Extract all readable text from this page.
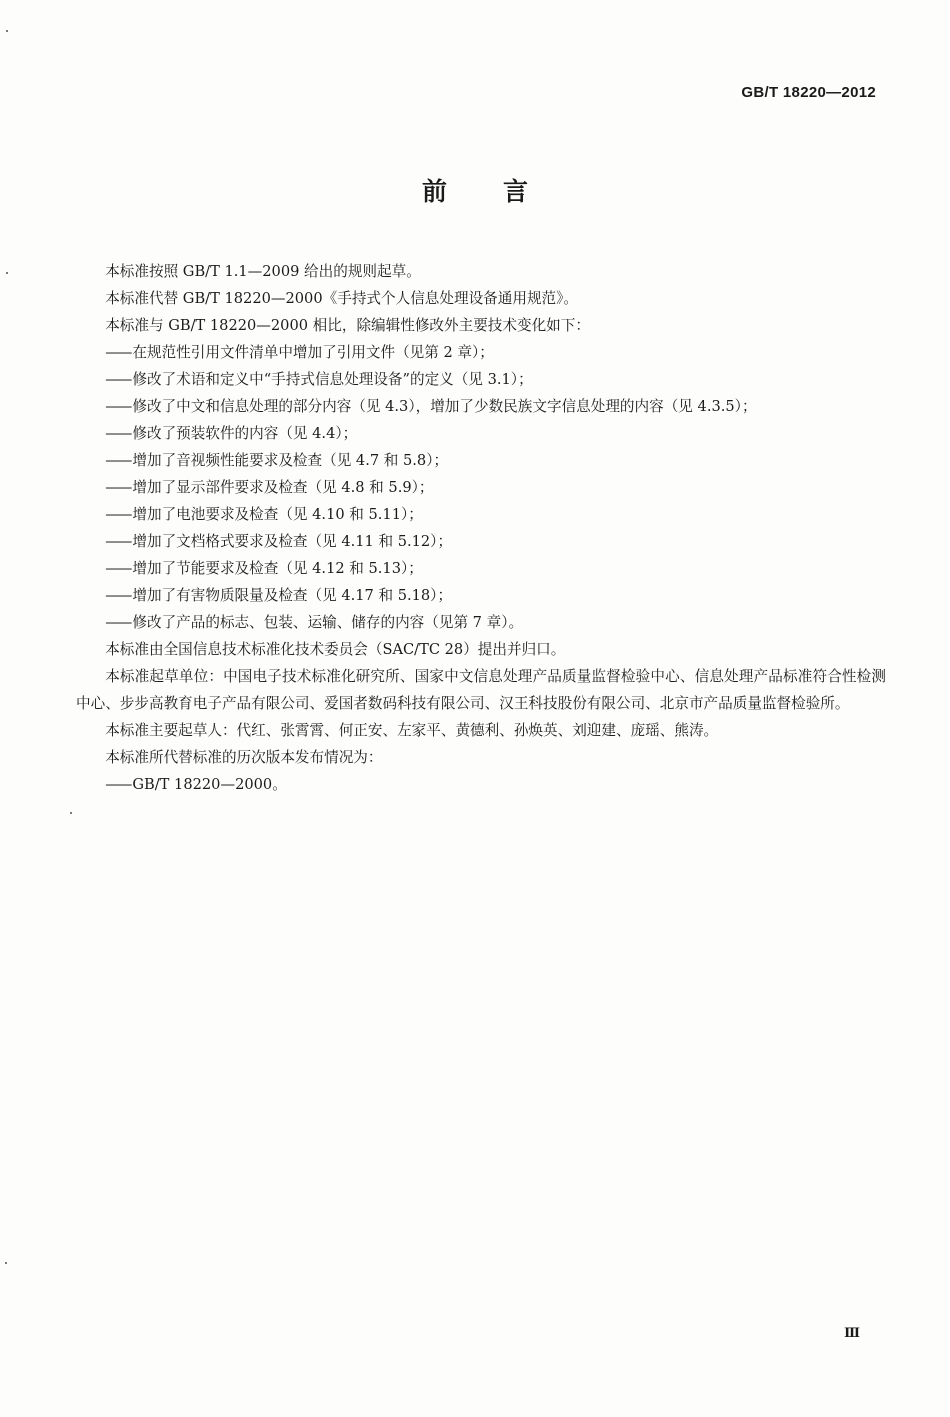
GB/T 18220—2012
前言

本标准按照 GB/T 1.1—2009 给出的规则起草。

本标准代替 GB/T 18220—2000《手持式个人信息处理设备通用规范》。

本标准与 GB/T 18220—2000 相比，除编辑性修改外主要技术变化如下：

—— 在规范性引用文件清单中增加了引用文件（见第 2 章）；

—— 修改了术语和定义中“手持式信息处理设备”的定义（见 3.1）；

—— 修改了中文和信息处理的部分内容（见 4.3），增加了少数民族文字信息处理的内容（见 4.3.5）；

—— 修改了预装软件的内容（见 4.4）；

—— 增加了音视频性能要求及检查（见 4.7 和 5.8）；

—— 增加了显示部件要求及检查（见 4.8 和 5.9）；

—— 增加了电池要求及检查（见 4.10 和 5.11）；

—— 增加了文档格式要求及检查（见 4.11 和 5.12）；

—— 增加了节能要求及检查（见 4.12 和 5.13）；

—— 增加了有害物质限量及检查（见 4.17 和 5.18）；

—— 修改了产品的标志、包装、运输、储存的内容（见第 7 章）。

本标准由全国信息技术标准化技术委员会（SAC/TC 28）提出并归口。

本标准起草单位：中国电子技术标准化研究所、国家中文信息处理产品质量监督检验中心、信息处理产品标准符合性检测中心、步步高教育电子产品有限公司、爱国者数码科技有限公司、汉王科技股份有限公司、北京市产品质量监督检验所。

本标准主要起草人：代红、张霄霄、何正安、左家平、黄德利、孙焕英、刘迎建、庞瑶、熊涛。

本标准所代替标准的历次版本发布情况为：

—— GB/T 18220—2000。

Ⅲ
